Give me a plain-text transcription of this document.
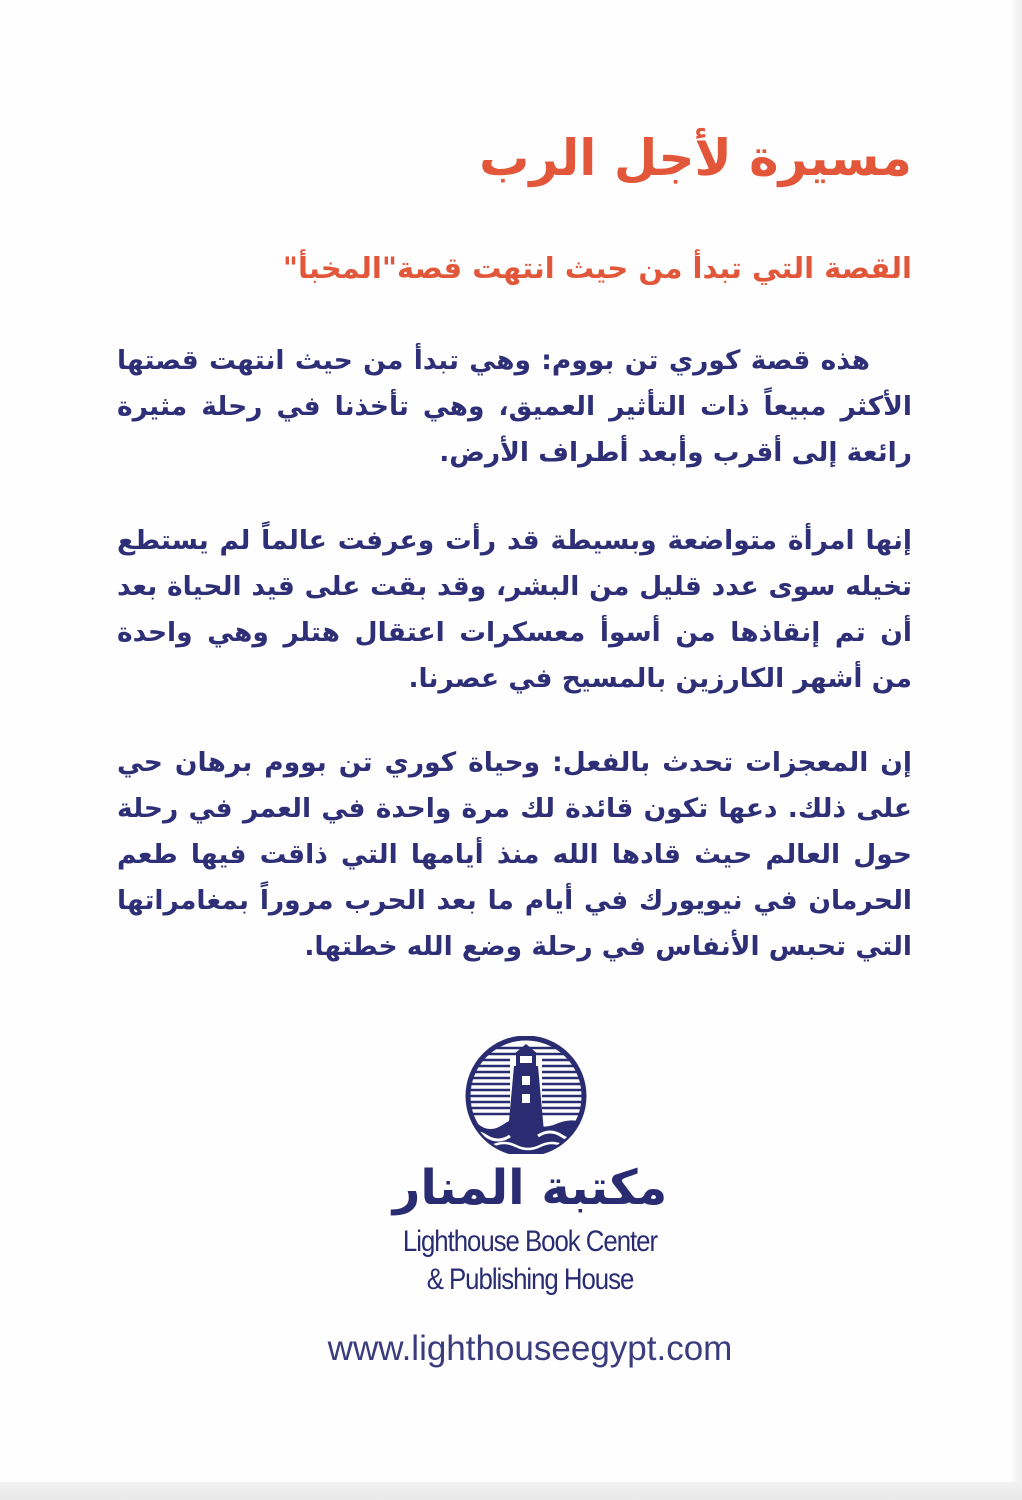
مسيرة لأجل الرب
القصة التي تبدأ من حيث انتهت قصة"المخبأ"

هذه قصة كوري تن بووم: وهي تبدأ من حيث انتهت قصتها الأكثر مبيعاً ذات التأثير العميق، وهي تأخذنا في رحلة مثيرة رائعة إلى أقرب وأبعد أطراف الأرض.

إنها امرأة متواضعة وبسيطة قد رأت وعرفت عالماً لم يستطع تخيله سوى عدد قليل من البشر، وقد بقت على قيد الحياة بعد أن تم إنقاذها من أسوأ معسكرات اعتقال هتلر وهي واحدة من أشهر الكارزين بالمسيح في عصرنا.

إن المعجزات تحدث بالفعل: وحياة كوري تن بووم برهان حي على ذلك. دعها تكون قائدة لك مرة واحدة في العمر في رحلة حول العالم حيث قادها الله منذ أيامها التي ذاقت فيها طعم الحرمان في نيويورك في أيام ما بعد الحرب مروراً بمغامراتها التي تحبس الأنفاس في رحلة وضع الله خطتها.

مكتبة المنار

Lighthouse Book Center

& Publishing House

www.lighthouseegypt.com
